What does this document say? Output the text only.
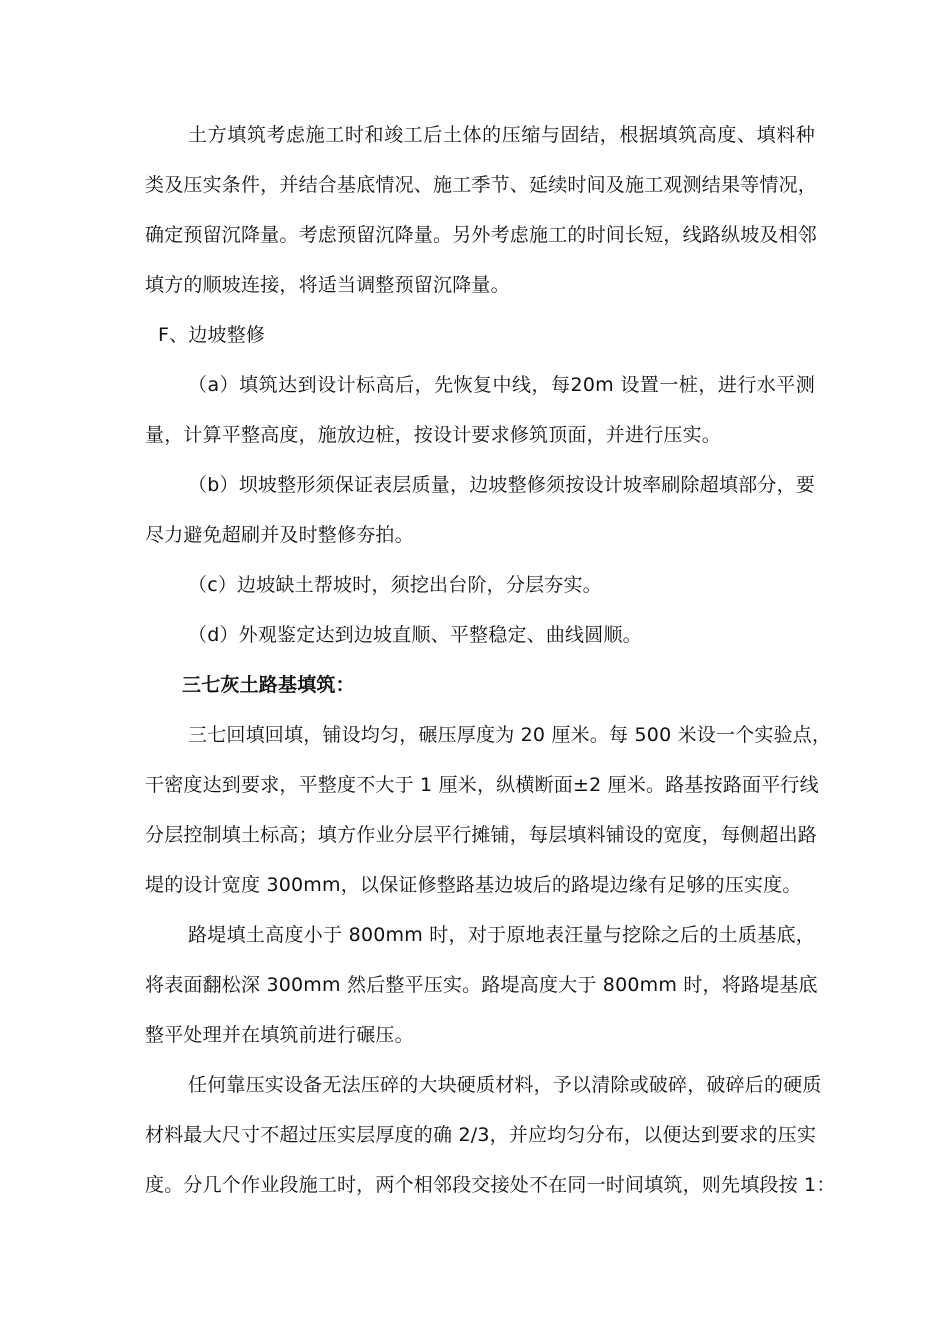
土方填筑考虑施工时和竣工后土体的压缩与固结，根据填筑高度、填料种
类及压实条件，并结合基底情况、施工季节、延续时间及施工观测结果等情况，
确定预留沉降量。考虑预留沉降量。另外考虑施工的时间长短，线路纵坡及相邻
填方的顺坡连接，将适当调整预留沉降量。
F、边坡整修
（a）填筑达到设计标高后，先恢复中线，每20m 设置一桩，进行水平测
量，计算平整高度，施放边桩，按设计要求修筑顶面，并进行压实。
（b）坝坡整形须保证表层质量，边坡整修须按设计坡率刷除超填部分，要
尽力避免超刷并及时整修夯拍。
（c）边坡缺土帮坡时，须挖出台阶，分层夯实。
（d）外观鉴定达到边坡直顺、平整稳定、曲线圆顺。
三七灰土路基填筑：
三七回填回填，铺设均匀，碾压厚度为 20 厘米。每 500 米设一个实验点，
干密度达到要求，平整度不大于 1 厘米，纵横断面±2 厘米。路基按路面平行线
分层控制填土标高；填方作业分层平行摊铺，每层填料铺设的宽度，每侧超出路
堤的设计宽度 300mm，以保证修整路基边坡后的路堤边缘有足够的压实度。
路堤填土高度小于 800mm 时，对于原地表汪量与挖除之后的土质基底，
将表面翻松深 300mm 然后整平压实。路堤高度大于 800mm 时，将路堤基底
整平处理并在填筑前进行碾压。
任何靠压实设备无法压碎的大块硬质材料，予以清除或破碎，破碎后的硬质
材料最大尺寸不超过压实层厚度的确 2/3，并应均匀分布，以便达到要求的压实
度。分几个作业段施工时，两个相邻段交接处不在同一时间填筑，则先填段按 1：
